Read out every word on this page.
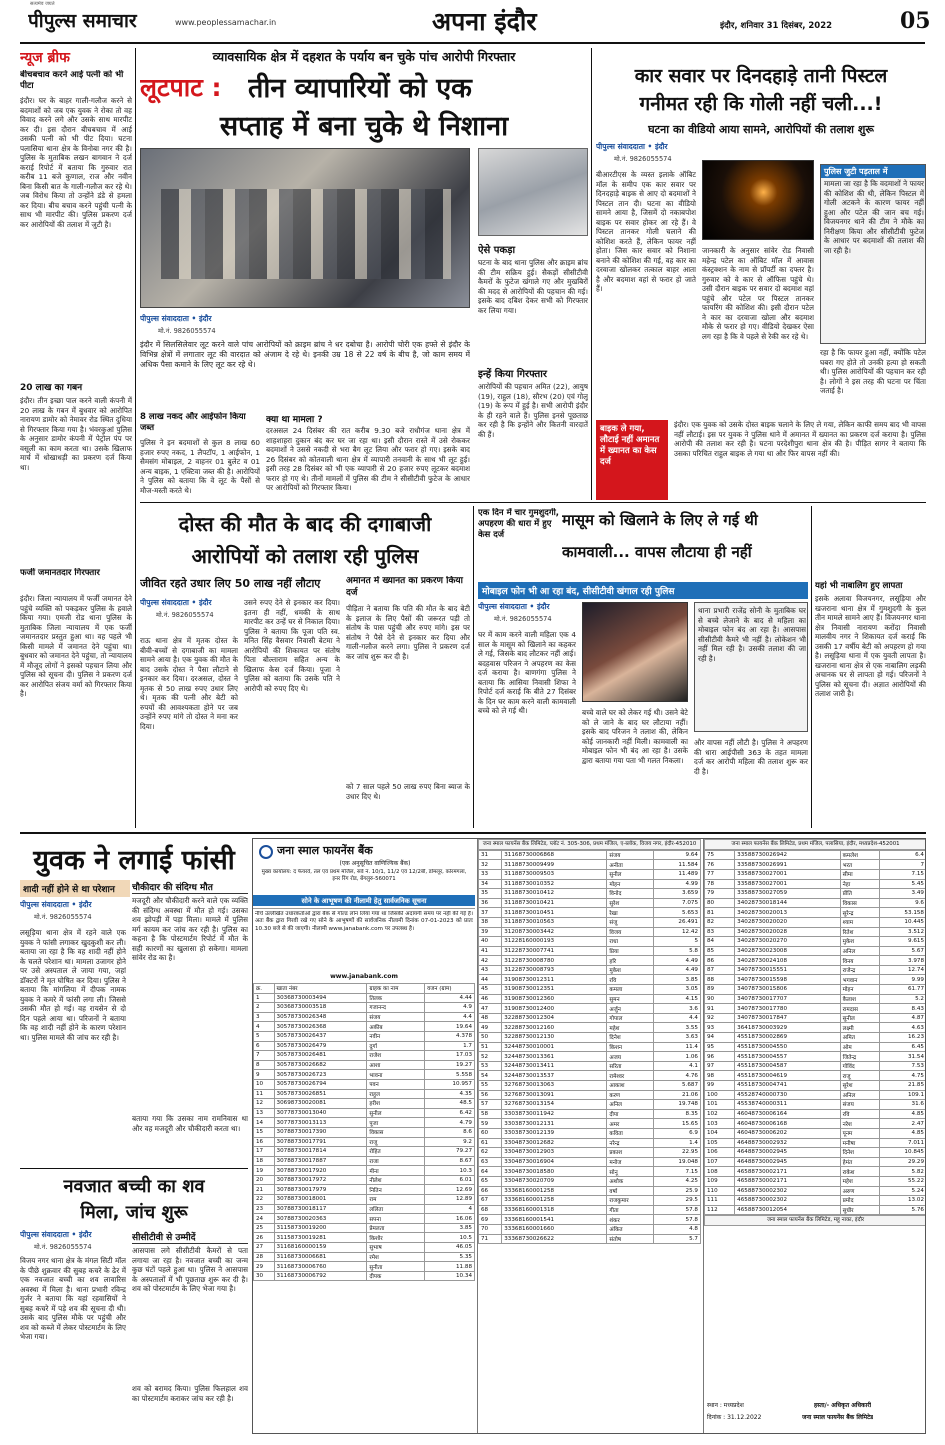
सत्यमेव जयते
पीपुल्स समाचार	www.peoplessamachar.in	अपना इंदौर	इंदौर, शनिवार 31 दिसंबर, 2022	05
न्यूज ब्रीफ
बीचबचाव करने आई पत्नी को भी पीटा
इंदौर। घर के बाहर गाली-गलौज करने से बदमाशों को जब एक युवक ने रोका तो वह विवाद करने लगे और उसके साथ मारपीट कर दी। इस दौरान बीचबचाव में आई उसकी पत्नी को भी पीट दिया। घटना पलासिया थाना क्षेत्र के विनोबा नगर की है। पुलिस के मुताबिक लखन बागवान ने दर्ज कराई रिपोर्ट में बताया कि गुरुवार रात करीब 11 बजे कुणाल, राज और नवीन बिना किसी बात के गाली-गलौज कर रहे थे। जब विरोध किया तो उन्होंने डंडे से हमला कर दिया। बीच बचाव करने पहुंची पत्नी के साथ भी मारपीट की। पुलिस प्रकरण दर्ज कर आरोपियों की तलाश में जुटी है।
20 लाख का गबन
इंदौर। तीन इच्छा पाल करने वाली कंपनी में 20 लाख के गबन में बुधवार को आरोपित नारायण डामोर को नेमावर रोड स्थित दुधिया से गिरफ्तार किया गया है। भंवरकुआं पुलिस के अनुसार डामोर कंपनी में पेट्रोल पंप पर वसूली का काम करता था। उसके खिलाफ मार्च में धोखाधड़ी का प्रकरण दर्ज किया था।
फर्जी जमानतदार गिरफ्तार
इंदौर। जिला न्यायालय में फर्जी जमानत देने पहुंचे व्यक्ति को पकड़कर पुलिस के हवाले किया गया। एमजी रोड थाना पुलिस के मुताबिक जिला न्यायालय में एक फर्जी जमानतदार प्रस्तुत हुआ था। वह पहले भी किसी मामले में जमानत देने पहुंचा था। बुधवार को जमानत देने पहुंचा, तो न्यायालय में मौजूद लोगों ने इसको पहचान लिया और पुलिस को सूचना दी। पुलिस ने प्रकरण दर्ज कर आरोपित संजय वर्मा को गिरफ्तार किया है।
व्यावसायिक क्षेत्र में दहशत के पर्याय बन चुके पांच आरोपी गिरफ्तार
लूटपाट : तीन व्यापारियों को एक
सप्ताह में बना चुके थे निशाना
पीपुल्स संवाददाता • इंदौर
मो.नं. 9826055574
इंदौर में सिलसिलेवार लूट करने वाले पांच आरोपियों को क्राइम ब्रांच ने धर दबोचा है। आरोपी चोरी एक हफ्ते से इंदौर के विभिन्न क्षेत्रों में लगातार लूट की वारदात को अंजाम दे रहे थे। इनकी उम्र 18 से 22 वर्ष के बीच है, जो काम समय में अधिक पैसा कमाने के लिए लूट कर रहे थे।
8 लाख नकद और आईफोन किया जब्त
पुलिस ने इन बदमाशों से कुल 8 लाख 60 हजार रुपए नकद, 1 लैपटॉप, 1 आईफोन, 1 सैमसंग मोबाइल, 2 वाहनर 01 बुलेट व 01 अन्य बाइक, 1 एक्टिवा जब्त की है। आरोपियों ने पुलिस को बताया कि वे लूट के पैसों से मौज-मस्ती करते थे।
क्या था मामला ?
दरअसल 24 दिसंबर की रात करीब 9.30 बजे राधौगंज थाना क्षेत्र में शाहशाहरा दुकान बंद कर घर जा रहा था। इसी दौरान रास्ते में उसे रोककर बदमाशों ने उससे नकदी से भरा बैग लूट लिया और फरार हो गए। इसके बाद 26 दिसंबर को कोतवाली थाना क्षेत्र में व्यापारी तनवानी के साथ भी लूट हुई। इसी तरह 28 दिसंबर को भी एक व्यापारी से 20 हजार रुपए लूटकर बदमाश फरार हो गए थे। तीनों मामलों में पुलिस की टीम ने सीसीटीवी फुटेज के आधार पर आरोपियों को गिरफ्तार किया।
ऐसे पकड़ा
घटना के बाद थाना पुलिस और क्राइम ब्रांच की टीम सक्रिय हुई। सैकड़ों सीसीटीवी कैमरों के फुटेज खंगाले गए और मुखबिरों की मदद से आरोपियों की पहचान की गई। इसके बाद दबिश देकर सभी को गिरफ्तार कर लिया गया।
इन्हें किया गिरफ्तार
आरोपियों की पहचान अमित (22), आयुष (19), राहुल (18), सौरभ (20) एवं गोलू (19) के रूप में हुई है। सभी आरोपी इंदौर के ही रहने वाले हैं। पुलिस इनसे पूछताछ कर रही है कि इन्होंने और कितनी वारदातें की हैं।
कार सवार पर दिनदहाड़े तानी पिस्टल
गनीमत रही कि गोली नहीं चली...!
घटना का वीडियो आया सामने, आरोपियों की तलाश शुरू
पीपुल्स संवाददाता • इंदौर
मो.नं. 9826055574
बीआरटीएस के व्यस्त इलाके ऑबिट मॉल के समीप एक कार सवार पर दिनदहाड़े बाइक से आए दो बदमाशों ने पिस्टल तान दी। घटना का वीडियो सामने आया है, जिसमें दो नकाबपोश बाइक पर सवार होकर आ रहे हैं। वे पिस्टल तानकर गोली चलाने की कोशिश करते हैं, लेकिन फायर नहीं होता। जिस कार सवार को निशाना बनाने की कोशिश की गई, वह कार का दरवाजा खोलकर तत्काल बाहर आता है और बदमाश वहां से फरार हो जाते हैं।
जानकारी के अनुसार सांवेर रोड निवासी महेन्द्र पटेल का ऑबिट मॉल में आवास कंस्ट्रक्शन के नाम से प्रॉपर्टी का दफ्तर है। गुरुवार को वे कार से ऑफिस पहुंचे थे। उसी दौरान बाइक पर सवार दो बदमाश वहां पहुंचे और पटेल पर पिस्टल तानकर फायरिंग की कोशिश की। इसी दौरान पटेल ने कार का दरवाजा खोला और बदमाश मौके से फरार हो गए। वीडियो देखकर ऐसा लग रहा है कि वे पहले से रेकी कर रहे थे।
पुलिस जुटी पड़ताल में
मामला जा रहा है कि वदमाशों ने फायर की कोशिश की थी, लेकिन पिस्टल में गोली अटकने के कारण फायर नहीं हुआ और पटेल की जान बच गई। विजयनगर थाने की टीम ने मौके का निरीक्षण किया और सीसीटीवी फुटेज के आधार पर बदमाशों की तलाश की जा रही है।
रहा है कि फायर हुआ नहीं, क्योंकि पटेल घबरा गए होते तो उनकी हत्या हो सकती थी। पुलिस आरोपियों की पहचान कर रही है। लोगों ने इस तरह की घटना पर चिंता जताई है।
बाइक ले गया, लौटाई नहीं अमानत में ख्यानत का केस दर्ज
इंदौर। एक युवक को उसके दोस्त बाइक चलाने के लिए ले गया, लेकिन काफी समय बाद भी वापस नहीं लौटाई। इस पर युवक ने पुलिस थाने में अमानत में ख्यानत का प्रकरण दर्ज कराया है। पुलिस आरोपी की तलाश कर रही है। घटना परदेशीपुरा थाना क्षेत्र की है। पीड़ित सागर ने बताया कि उसका परिचित राहुल बाइक ले गया था और फिर वापस नहीं की।
दोस्त की मौत के बाद की दगाबाजी
आरोपियों को तलाश रही पुलिस
जीवित रहते उधार लिए 50 लाख नहीं लौटाए
पीपुल्स संवाददाता • इंदौर
मो.नं. 9826055574
राऊ थाना क्षेत्र में मृतक दोस्त के बीवी-बच्चों से दगाबाजी का मामला सामने आया है। एक युवक की मौत के बाद उसके दोस्त ने पैसा लौटाने से इनकार कर दिया। दरअसल, दोस्त ने मृतक से 50 लाख रुपए उधार लिए थे। मृतक की पत्नी और बेटी को रुपयों की आवश्यकता होने पर जब उन्होंने रुपए मांगे तो दोस्त ने मना कर दिया।
उसने रुपए देने से इनकार कर दिया। इतना ही नहीं, धमकी के साथ मारपीट कर उन्हें घर से निकाल दिया। पुलिस ने बताया कि पूजा पति स्व. मनित सिंह वैसवार निवासी बेटमा ने आरोपियों की शिकायत पर संतोष पिता बौल्ताराम सहित अन्य के खिलाफ केस दर्ज किया। पूजा ने पुलिस को बताया कि उसके पति ने आरोपी को रुपए दिए थे।
अमानत में ख्यानत का प्रकरण किया दर्ज
पीड़िता ने बताया कि पति की मौत के बाद बेटी के इलाज के लिए पैसों की जरूरत पड़ी तो संतोष के पास पहुंची और रुपए मांगे। इस पर संतोष ने पैसे देने से इनकार कर दिया और गाली-गलौज करने लगा। पुलिस ने प्रकरण दर्ज कर जांच शुरू कर दी है।
को 7 साल पहले 50 लाख रुपए बिना ब्याज के उधार दिए थे।
एक दिन में चार गुमशुदगी, अपहरण की धारा में हुए केस दर्ज
मासूम को खिलाने के लिए ले गई थी
कामवाली... वापस लौटाया ही नहीं
मोबाइल फोन भी आ रहा बंद, सीसीटीवी खंगाल रही पुलिस
पीपुल्स संवाददाता • इंदौर
मो.नं. 9826055574
घर में काम करने वाली महिला एक 4 साल के मासूम को खिलाने का कहकर ले गई, जिसके बाद लौटकर नहीं आई। बदहवास परिजन ने अपहरण का केस दर्ज कराया है। बाणगंगा पुलिस ने बताया कि आसिया निवासी शिफा ने रिपोर्ट दर्ज कराई कि बीते 27 दिसंबर के दिन घर काम करने वाली कामवाली बच्चे को ले गई थी।	बच्चे वाले घर को लेकर गई थी। उसने बेटे को ले जाने के बाद घर लौटाया नहीं। इसके बाद परिजन ने तलाश की, लेकिन कोई जानकारी नहीं मिली। कामवाली का मोबाइल फोन भी बंद आ रहा है। उसके द्वारा बताया गया पता भी गलत निकला।
थाना प्रभारी राजेंद्र सोनी के मुताबिक घर से बच्चे लेजाने के बाद से महिला का मोबाइल फोन बंद आ रहा है। आसपास सीसीटीवी कैमरे भी नहीं है। लोकेशन भी नहीं मिल रही है। उसकी तलाश की जा रही है।
और वापस नहीं लौटी है। पुलिस ने अपहरण की धारा आईपीसी 363 के तहत मामला दर्ज कर आरोपी महिला की तलाश शुरू कर दी है।
यहां भी नाबालिग हुए लापता
इसके अलावा विजयनगर, लसूड़िया और खजराना थाना क्षेत्र में गुमशुदगी के कुल तीन मामले सामने आए हैं। विजयनगर थाना क्षेत्र निवासी नारायण करोंदा निवासी मालवीय नगर ने शिकायत दर्ज कराई कि उसकी 17 वर्षीय बेटी को अपहरण हो गया है। लसूड़िया थाना में एक युवती लापता है। खजराना थाना क्षेत्र से एक नाबालिग लड़की अचानक घर से लापता हो गई। परिजनों ने पुलिस को सूचना दी। अज्ञात आरोपियों की तलाश जारी है।
युवक ने लगाई फांसी
शादी नहीं होने से था परेशान
पीपुल्स संवाददाता • इंदौर
मो.नं. 9826055574
लसूड़िया थाना क्षेत्र में रहने वाले एक युवक ने फांसी लगाकर खुदकुशी कर ली। बताया जा रहा है कि वह शादी नहीं होने के चलते परेशान था। मामला उजागर होने पर उसे अस्पताल ले जाया गया, जहां डॉक्टरों ने मृत घोषित कर दिया। पुलिस ने बताया कि मांगलिया में दीपक नामक युवक ने कमरे में फांसी लगा ली। जिससे उसकी मौत हो गई। वह रायसेन से दो दिन पहले आया था। परिजनों ने बताया कि वह शादी नहीं होने के कारण परेशान था। पुलिस मामले की जांच कर रही है।
चौकीदार की संदिग्ध मौत
मजदूरी और चौकीदारी करने वाले एक व्यक्ति की संदिग्ध अवस्था में मौत हो गई। उसका शव झोपड़ी में पड़ा मिला। मामले में पुलिस मर्ग कायम कर जांच कर रही है। पुलिस का कहना है कि पोस्टमार्टम रिपोर्ट में मौत के सही कारणों का खुलासा हो सकेगा। मामला सांवेर रोड का है।
बताया गया कि उसका नाम रामनिवास था और वह मजदूरी और चौकीदारी करता था।
नवजात बच्ची का शव
मिला, जांच शुरू
पीपुल्स संवाददाता • इंदौर
मो.नं. 9826055574
विजय नगर थाना क्षेत्र के मंगल सिटी मॉल के पीछे शुक्रवार की सुबह कचरे के ढेर में एक नवजात बच्ची का शव लावारिस अवस्था में मिला है। थाना प्रभारी रविन्द्र गुर्जर ने बताया कि यहां रहवासियों ने सुबह कचरे में पड़े शव की सूचना दी थी। उसके बाद पुलिस मौके पर पहुंची और शव को कब्जे में लेकर पोस्टमार्टम के लिए भेजा गया।
सीसीटीवी से उम्मीदें
आसपास लगे सीसीटीवी कैमरों से पता लगाया जा रहा है। नवजात बच्ची का जन्म कुछ घंटों पहले हुआ था। पुलिस ने आसपास के अस्पतालों में भी पूछताछ शुरू कर दी है। शव को पोस्टमार्टम के लिए भेजा गया है।
शव को बरामद किया। पुलिस फिलहाल शव का पोस्टमार्टम कराकर जांच कर रही है।
जना स्माल फायनेंस बैंक
(एक अनुसूचित वाणिज्यिक बैंक)
मुख्य कार्यालय: द फेयरवे, तल एवं प्रथम मंजिल, सर्वे नं. 10/1, 11/2 एवं 12/2बी, डोमलूर, कोरमंगला, इनर रिंग रोड, बेंगलुरु-560071
सोने के आभूषण की नीलामी हेतु सार्वजनिक सूचना
नीचे उल्लेखित उधारकर्ताओं द्वारा बैंक से गोल्ड लोन लिया गया था जिसकी अदायगी समय पर नहीं की गई है। अतः बैंक द्वारा गिरवी रखे गए सोने के आभूषणों की सार्वजनिक नीलामी दिनांक 07-01-2023 को प्रातः 10.30 बजे से की जाएगी। नीलामी www.janabank.com पर उपलब्ध है।
www.janabank.com
क्र.	खाता नंबर	ग्राहक का नाम	वजन (ग्राम)
1	30368730003494	तिलक	4.44
2	30368730003518	गजानन्द	4.9
3	30578730026348	संजय	4.4
4	30578730026368	अकीब	19.64
5	30578730026437	नवीन	4.378
6	30578730026479	दुर्गा	1.7
7	30578730026481	राजेश	17.03
8	30578730026682	आशा	19.27
9	30578730026723	भावना	5.558
10	30578730026794	पवन	10.957
11	30578730026851	राहुल	4.35
12	30698730020081	हरीश	48.5
13	30778730013040	सुनील	6.42
14	30778730013113	पूजा	4.79
15	30788730017390	विकास	8.6
16	30788730017791	राजू	9.2
17	30788730017814	रोहित	79.27
18	30788730017887	राजा	8.67
19	30788730017920	मीना	10.3
20	30788730017972	नीलेश	6.01
21	30788730017979	नितिन	12.69
22	30788730018001	राम	12.89
23	30788730018117	ललिता	4
24	30788730020363	सपना	16.06
25	31158730019200	प्रेमलता	3.85
26	31158730019281	किशोर	10.5
27	31168160000159	सुभाष	46.05
28	31168730006681	रमेश	5.35
29	31168730006760	सुनीता	11.88
30	31168730006792	दीपक	10.34
जना स्माल फायनेंस बैंक लिमिटेड, प्लॉट नं. 305-306, प्रथम मंजिल, ए-ब्लॉक, विजय नगर, इंदौर-452010
31	31168730006868	संजय	9.64
32	31188730009499	अनीता	11.584
33	31188730009503	सुनील	11.489
34	31188730010352	मोहन	4.99
35	31188730010412	विनोद	3.659
36	31188730010421	सुरेश	7.075
37	31188730010451	रेखा	5.653
38	31188730010563	संजू	26.491
39	31208730003442	विजय	12.42
40	31228160000193	राधा	5
41	31228730007741	प्रिया	5.8
42	31228730008780	हरि	4.49
43	31228730008793	मुकेश	4.49
44	31908730012311	रवि	3.85
45	31908730012351	कमला	3.05
46	31908730012360	सुमन	4.15
47	31908730012400	अर्जुन	3.6
48	32288730012304	गोपाल	4.4
49	32288730012160	महेश	3.55
50	32288730012130	दिनेश	3.63
51	32448730010001	किशन	11.4
52	32448730013361	अजय	1.06
53	32448730013411	सरिता	4.1
54	32448730013537	रामेश्वर	4.76
55	32768730013063	आकाश	5.687
56	32768730013091	करण	21.06
57	32768730013154	अनिल	19.748
58	33038730011942	दीपा	8.35
59	33038730012131	अमर	15.65
60	33038730012139	कविता	6.9
61	33048730012682	नरेन्द्र	1.4
62	33048730012903	प्रकाश	22.95
63	33048730016904	मनोज	19.048
64	33048730018580	सोनू	7.15
65	33048730020709	अशोक	4.25
66	33368160001258	वर्षा	25.9
67	33368160001258	राजकुमार	29.5
68	33368160001318	गीता	57.8
69	33368160001541	शंकर	57.8
70	33368160001660	अंकित	4.8
71	33368730026622	संतोष	5.7
जना स्माल फायनेंस बैंक लिमिटेड, प्रथम मंजिल, पलासिया, इंदौर, मध्यप्रदेश-452001
75	33588730026942	कमलेश	6.4
76	33588730026991	भरत	7
77	33588730027001	सीमा	7.15
78	33588730027001	नेहा	5.45
79	33588730027059	प्रीति	3.49
80	34028730018144	विकास	9.6
81	34028730020013	सुरेन्द्र	53.158
82	34028730020020	श्याम	10.445
83	34028730020028	रितेश	3.512
84	34028730020270	मुकेश	9.615
85	34028730023008	अनिल	5.67
86	34028730024108	विनय	3.978
87	34078730015551	राजेन्द्र	12.74
88	34078730015598	भगवान	9.99
89	34078730015806	मोहन	61.77
90	34078730017707	कैलाश	5.2
91	34078730017780	रामदास	8.43
92	34078730017847	सुनील	4.87
93	36418730003929	लक्ष्मी	4.63
94	45518730002869	अमित	16.23
95	45518730004550	ओम	6.45
96	45518730004557	जितेन्द्र	31.54
97	45518730004587	गोविंद	7.53
98	45518730004619	राजू	4.75
99	45518730004741	सुरेश	21.85
100	45528740000730	अनिल	109.1
101	45538740000311	संजय	31.6
102	46048730006164	रवि	4.85
103	46048730006168	नरेश	2.47
104	46048730006202	पूनम	4.85
105	46488730002932	मनीषा	7.011
106	46488730002945	दिनेश	10.845
107	46488730002945	हेमंत	29.29
108	46588730002171	राकेश	5.82
109	46588730002171	महेश	55.22
110	46588730002302	अरुण	5.24
111	46588730002302	प्रमोद	13.02
112	46588730012054	सुधीर	5.76
जना स्माल फायनेंस बैंक लिमिटेड, महू नाका, इंदौर
स्थान : मध्यप्रदेश
दिनांक : 31.12.2022
हस्ता/- अधिकृत अधिकारी
जना स्माल फायनेंस बैंक लिमिटेड
